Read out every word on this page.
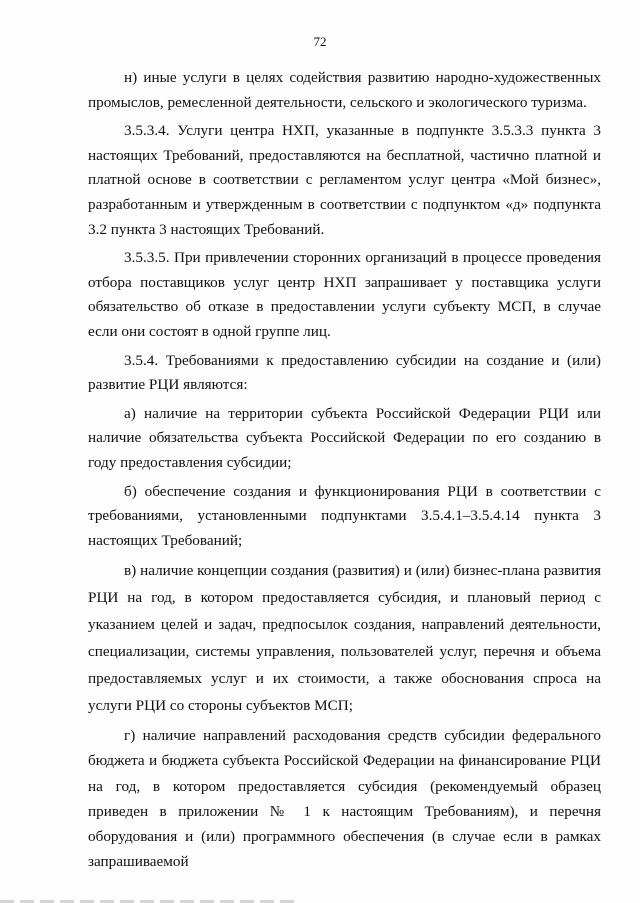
72

н) иные услуги в целях содействия развитию народно-художественных промыслов, ремесленной деятельности, сельского и экологического туризма.

3.5.3.4. Услуги центра НХП, указанные в подпункте 3.5.3.3 пункта 3 настоящих Требований, предоставляются на бесплатной, частично платной и платной основе в соответствии с регламентом услуг центра «Мой бизнес», разработанным и утвержденным в соответствии с подпунктом «д» подпункта 3.2 пункта 3 настоящих Требований.

3.5.3.5. При привлечении сторонних организаций в процессе проведения отбора поставщиков услуг центр НХП запрашивает у поставщика услуги обязательство об отказе в предоставлении услуги субъекту МСП, в случае если они состоят в одной группе лиц.

3.5.4. Требованиями к предоставлению субсидии на создание и (или) развитие РЦИ являются:

а) наличие на территории субъекта Российской Федерации РЦИ или наличие обязательства субъекта Российской Федерации по его созданию в году предоставления субсидии;

б) обеспечение создания и функционирования РЦИ в соответствии с требованиями, установленными подпунктами 3.5.4.1–3.5.4.14 пункта 3 настоящих Требований;

в) наличие концепции создания (развития) и (или) бизнес-плана развития РЦИ на год, в котором предоставляется субсидия, и плановый период с указанием целей и задач, предпосылок создания, направлений деятельности, специализации, системы управления, пользователей услуг, перечня и объема предоставляемых услуг и их стоимости, а также обоснования спроса на услуги РЦИ со стороны субъектов МСП;

г) наличие направлений расходования средств субсидии федерального бюджета и бюджета субъекта Российской Федерации на финансирование РЦИ на год, в котором предоставляется субсидия (рекомендуемый образец приведен в приложении № 1 к настоящим Требованиям), и перечня оборудования и (или) программного обеспечения (в случае если в рамках запрашиваемой
